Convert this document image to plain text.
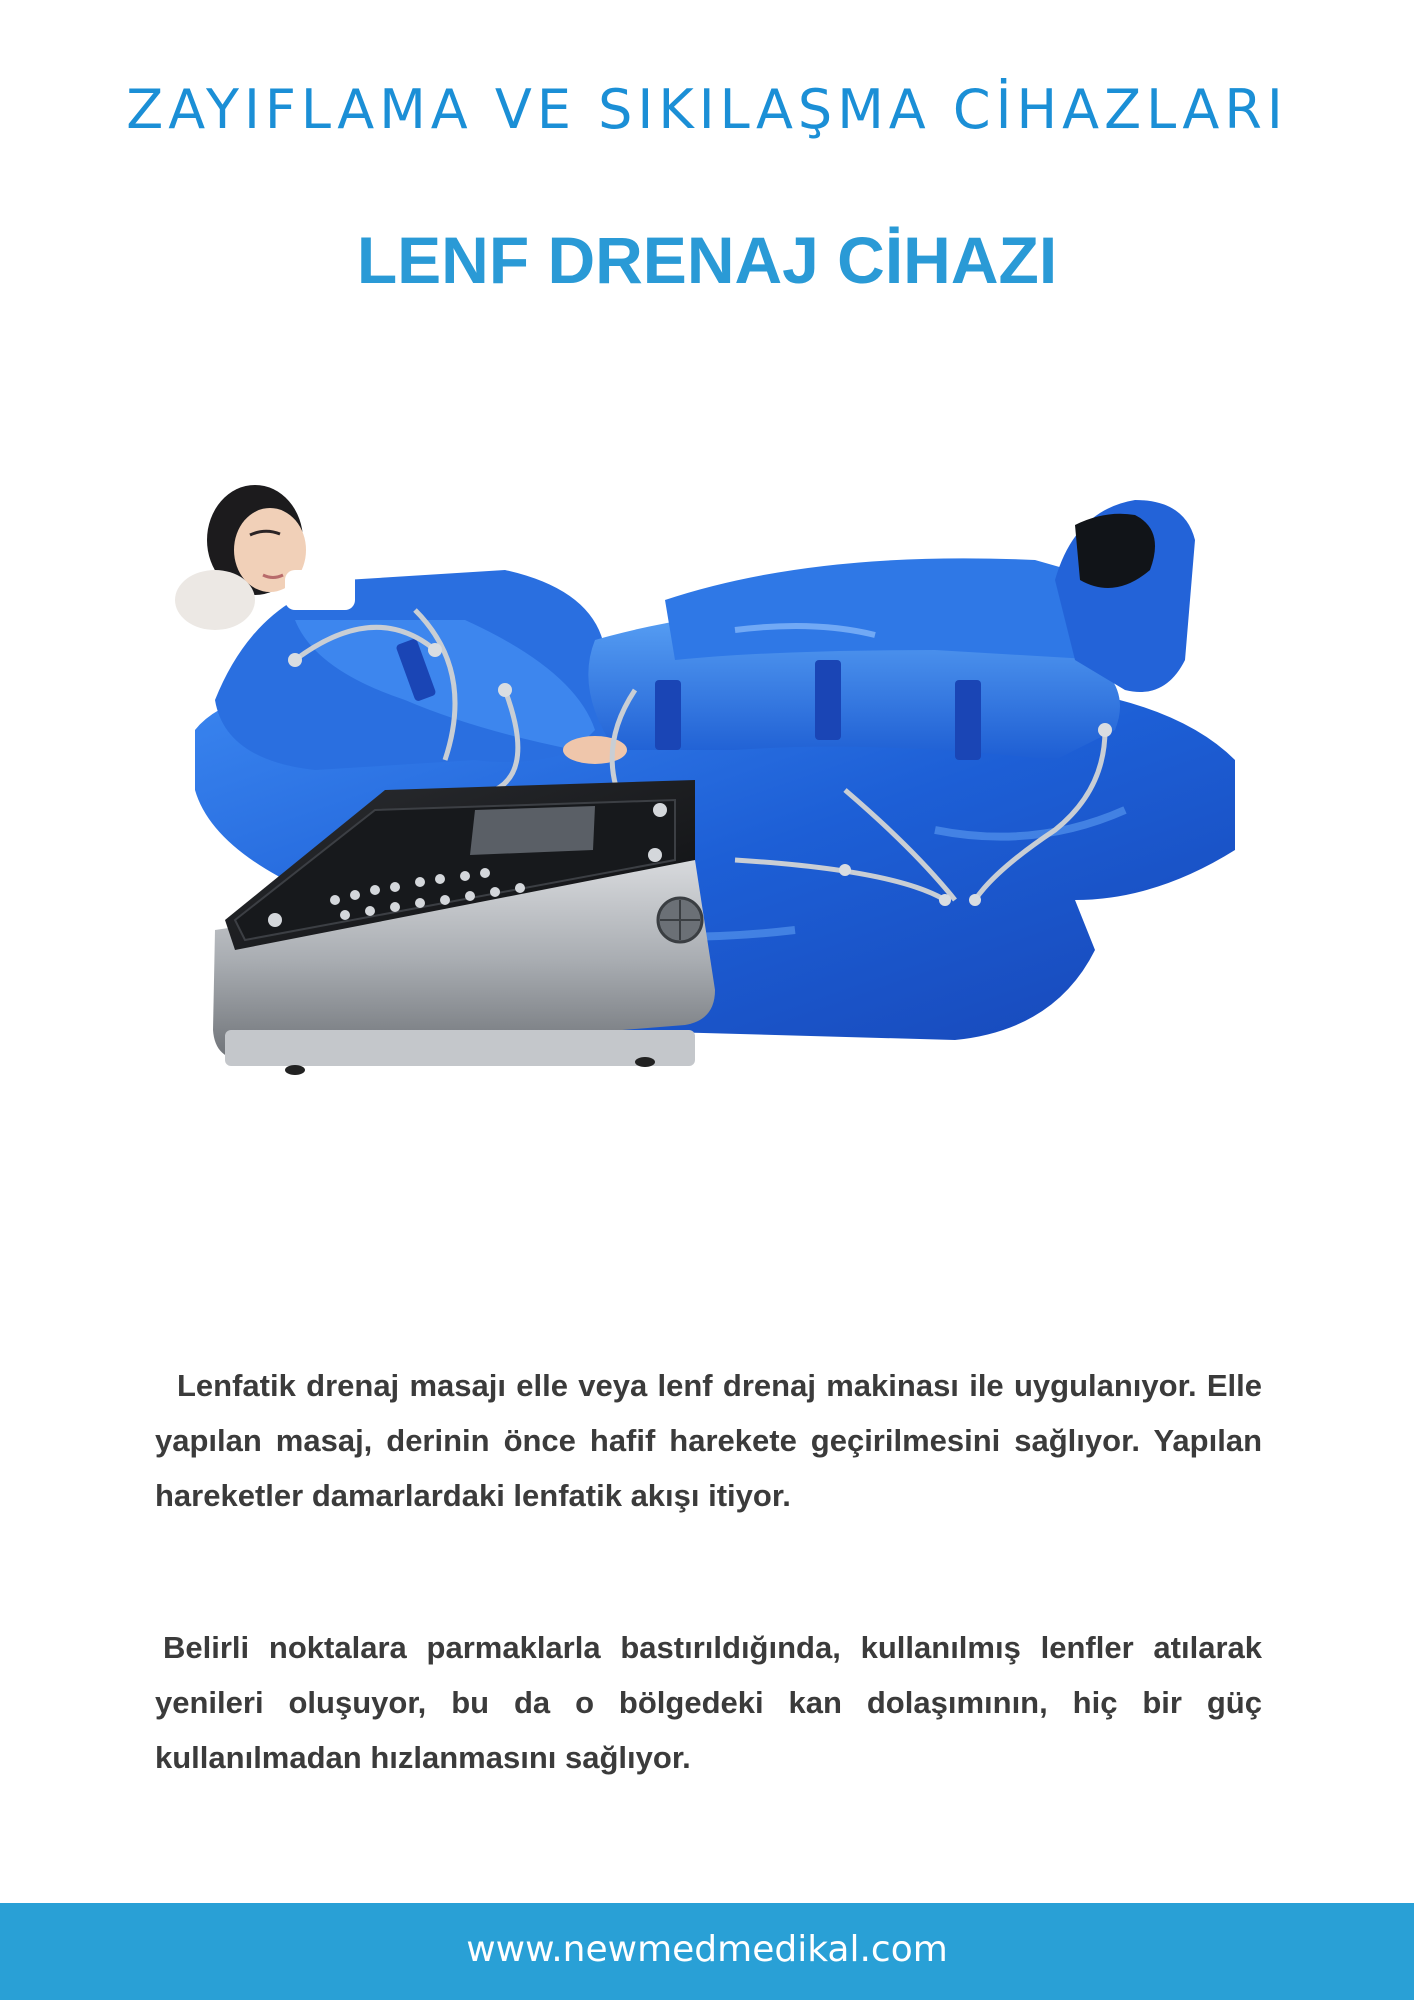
ZAYIFLAMA VE SIKILAŞMA CİHAZLARI
LENF DRENAJ CİHAZI

Lenfatik drenaj masajı elle veya lenf drenaj makinası ile uygulanıyor. Elle yapılan masaj, derinin önce hafif harekete geçirilmesini sağlıyor. Yapılan hareketler damarlardaki lenfatik akışı itiyor.

Belirli noktalara parmaklarla bastırıldığında, kullanılmış lenfler atılarak yenileri oluşuyor, bu da o bölgedeki kan dolaşımının, hiç bir güç kullanılmadan hızlanmasını sağlıyor.

www.newmedmedikal.com
